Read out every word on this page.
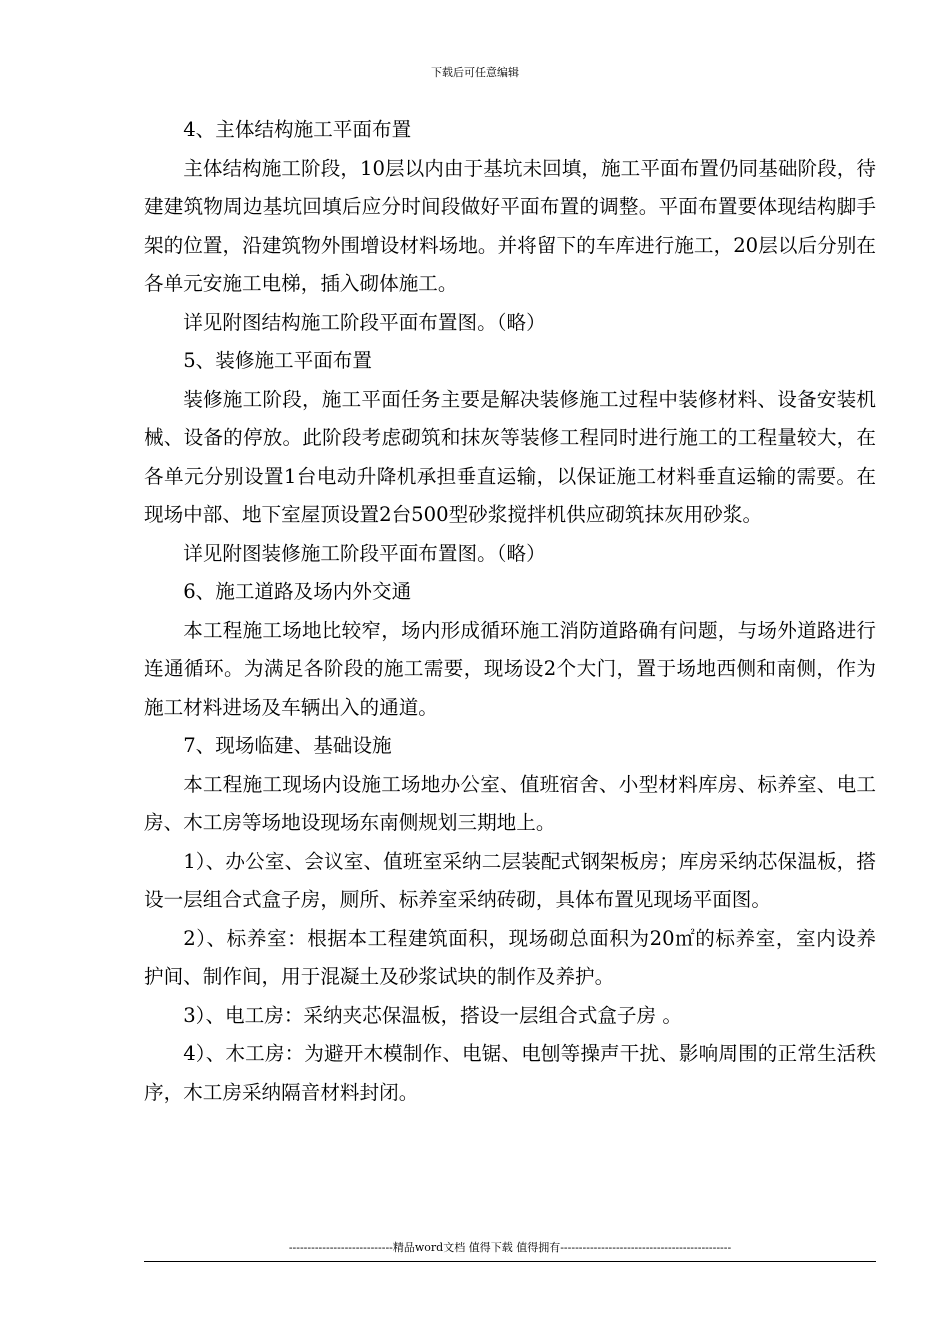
下载后可任意编辑

4、主体结构施工平面布置

主体结构施工阶段，10层以内由于基坑未回填，施工平面布置仍同基础阶段，待建建筑物周边基坑回填后应分时间段做好平面布置的调整。平面布置要体现结构脚手架的位置，沿建筑物外围增设材料场地。并将留下的车库进行施工，20层以后分别在各单元安施工电梯，插入砌体施工。

详见附图结构施工阶段平面布置图。（略）

5、装修施工平面布置

装修施工阶段，施工平面任务主要是解决装修施工过程中装修材料、设备安装机械、设备的停放。此阶段考虑砌筑和抹灰等装修工程同时进行施工的工程量较大，在各单元分别设置1台电动升降机承担垂直运输，以保证施工材料垂直运输的需要。在现场中部、地下室屋顶设置2台500型砂浆搅拌机供应砌筑抹灰用砂浆。

详见附图装修施工阶段平面布置图。（略）

6、施工道路及场内外交通

本工程施工场地比较窄，场内形成循环施工消防道路确有问题，与场外道路进行连通循环。为满足各阶段的施工需要，现场设2个大门，置于场地西侧和南侧，作为施工材料进场及车辆出入的通道。

7、现场临建、基础设施

本工程施工现场内设施工场地办公室、值班宿舍、小型材料库房、标养室、电工房、木工房等场地设现场东南侧规划三期地上。

1）、办公室、会议室、值班室采纳二层装配式钢架板房；库房采纳芯保温板，搭设一层组合式盒子房，厕所、标养室采纳砖砌，具体布置见现场平面图。

2）、标养室：根据本工程建筑面积，现场砌总面积为20㎡的标养室，室内设养护间、制作间，用于混凝土及砂浆试块的制作及养护。

3）、电工房：采纳夹芯保温板，搭设一层组合式盒子房 。

4）、木工房：为避开木模制作、电锯、电刨等操声干扰、影响周围的正常生活秩序，木工房采纳隔音材料封闭。

----------------------------精品word文档 值得下载 值得拥有----------------------------------------------
